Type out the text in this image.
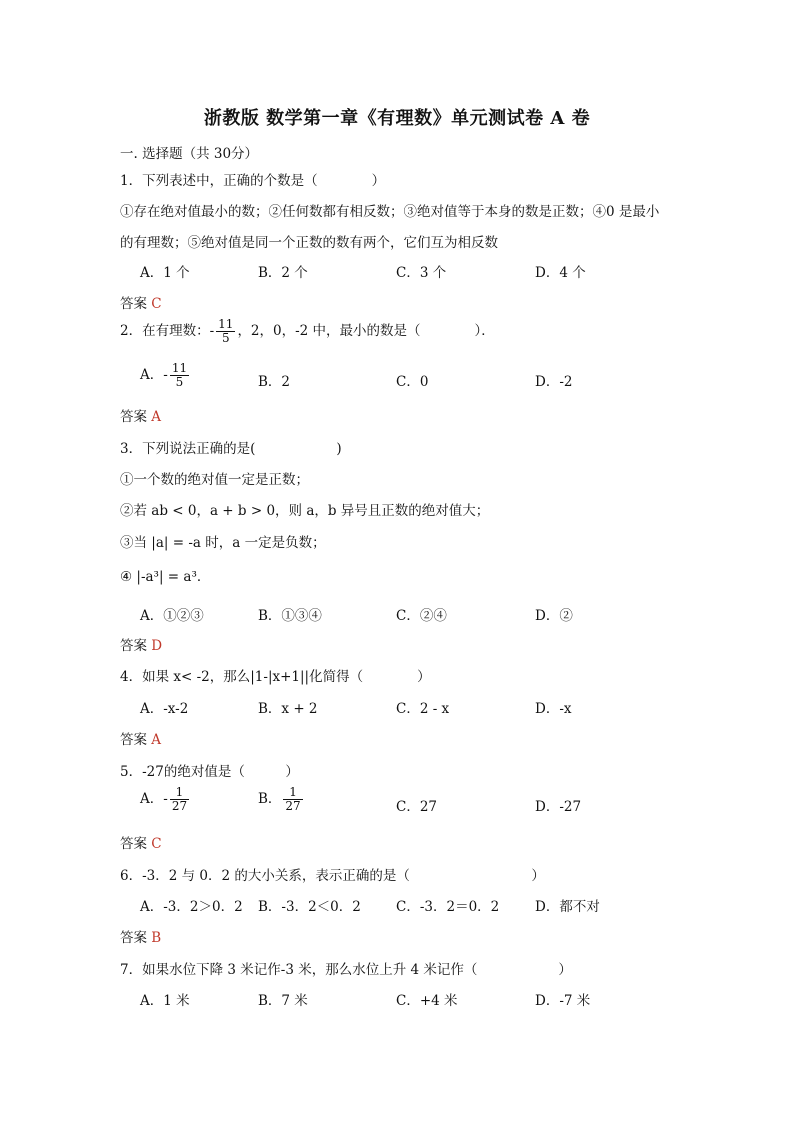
浙教版 数学第一章《有理数》单元测试卷 A 卷
一. 选择题（共 30分）
1．下列表述中，正确的个数是（　　　　）
①存在绝对值最小的数；②任何数都有相反数；③绝对值等于本身的数是正数；④0 是最小
的有理数；⑤绝对值是同一个正数的数有两个，它们互为相反数
A．1 个	B．2 个	C．3 个	D．4 个
答案 C
2．在有理数：- $\frac{11}{5}$ ，2，0，-2 中，最小的数是（　　　　）．
A．- $\frac{11}{5}$	B．2	C．0	D．-2
答案 A
3．下列说法正确的是(　　　　　　)
①一个数的绝对值一定是正数；
②若 ab < 0，a + b > 0，则 a，b 异号且正数的绝对值大；
③当 |a| = -a 时，a 一定是负数；
④ |-a³| = a³．
A．①②③	B．①③④	C．②④	D．②
答案 D
4．如果 x< -2，那么|1-|x+1||化简得（　　　　）
A．-x-2	B．x + 2	C．2 - x	D．-x
答案 A
5．-27的绝对值是（　　　）
A．- $\frac{1}{27}$	B． $\frac{1}{27}$	C．27	D．-27
答案 C
6．-3．2 与 0．2 的大小关系，表示正确的是（　　　　　　　　　）
A．-3．2＞0．2 B．-3．2＜0．2	C．-3．2＝0．2	D．都不对
答案 B
7．如果水位下降 3 米记作-3 米，那么水位上升 4 米记作（　　　　　　）
A．1 米	B．7 米	C．+4 米	D．-7 米
